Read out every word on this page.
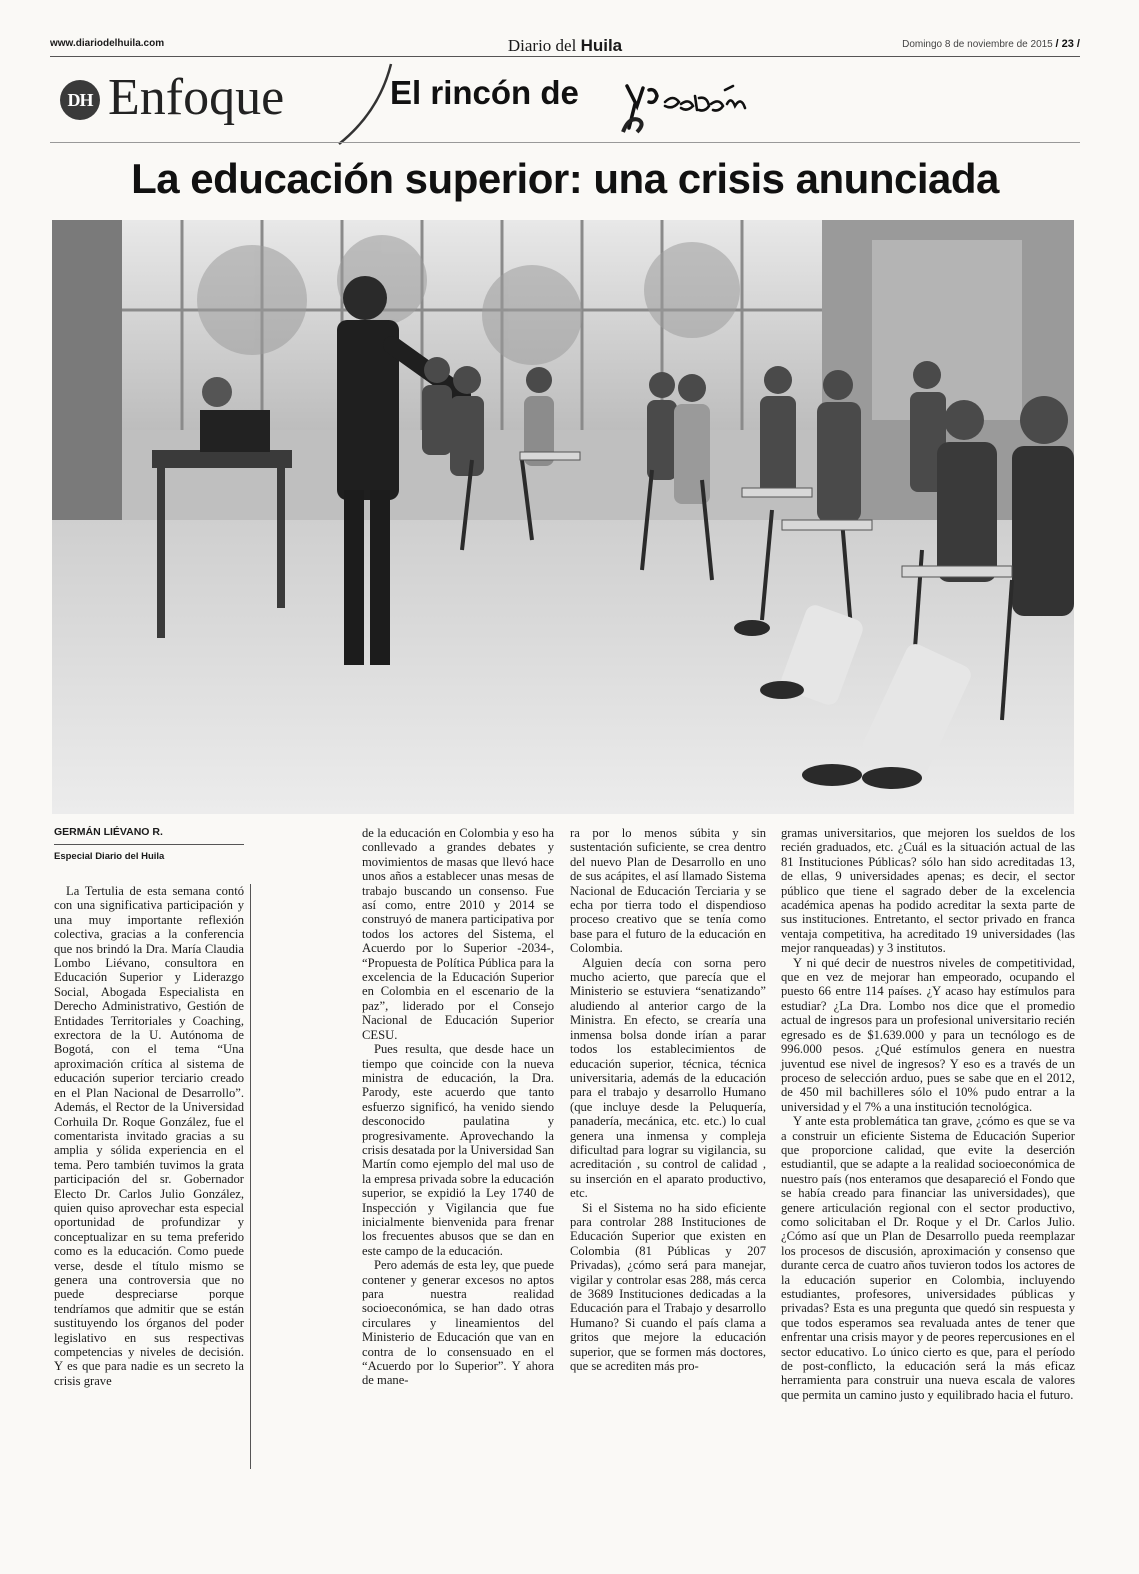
www.diariodelhuila.com	Diario del Huila	Domingo 8 de noviembre de 2015 / 23 /
DH Enfoque	El rincón de
La educación superior: una crisis anunciada
GERMÁN LIÉVANO R.
Especial Diario del Huila

La Tertulia de esta semana contó con una significativa participación y una muy importante reflexión colectiva, gracias a la conferencia que nos brindó la Dra. María Claudia Lombo Liévano, consultora en Educación Superior y Liderazgo Social, Abogada Especialista en Derecho Administrativo, Gestión de Entidades Territoriales y Coaching, exrectora de la U. Autónoma de Bogotá, con el tema “Una aproximación crítica al sistema de educación superior terciario creado en el Plan Nacional de Desarrollo”. Además, el Rector de la Universidad Corhuila Dr. Roque González, fue el comentarista invitado gracias a su amplia y sólida experiencia en el tema. Pero también tuvimos la grata participación del sr. Gobernador Electo Dr. Carlos Julio González, quien quiso aprovechar esta especial oportunidad de profundizar y conceptualizar en su tema preferido como es la educación. Como puede verse, desde el título mismo se genera una controversia que no puede despreciarse porque tendríamos que admitir que se están sustituyendo los órganos del poder legislativo en sus respectivas competencias y niveles de decisión. Y es que para nadie es un secreto la crisis grave

de la educación en Colombia y eso ha conllevado a grandes debates y movimientos de masas que llevó hace unos años a establecer unas mesas de trabajo buscando un consenso. Fue así como, entre 2010 y 2014 se construyó de manera participativa por todos los actores del Sistema, el Acuerdo por lo Superior -2034-, “Propuesta de Política Pública para la excelencia de la Educación Superior en Colombia en el escenario de la paz”, liderado por el Consejo Nacional de Educación Superior CESU.

Pues resulta, que desde hace un tiempo que coincide con la nueva ministra de educación, la Dra. Parody, este acuerdo que tanto esfuerzo significó, ha venido siendo desconocido paulatina y progresivamente. Aprovechando la crisis desatada por la Universidad San Martín como ejemplo del mal uso de la empresa privada sobre la educación superior, se expidió la Ley 1740 de Inspección y Vigilancia que fue inicialmente bienvenida para frenar los frecuentes abusos que se dan en este campo de la educación.

Pero además de esta ley, que puede contener y generar excesos no aptos para nuestra realidad socioeconómica, se han dado otras circulares y lineamientos del Ministerio de Educación que van en contra de lo consensuado en el “Acuerdo por lo Superior”. Y ahora de mane-

ra por lo menos súbita y sin sustentación suficiente, se crea dentro del nuevo Plan de Desarrollo en uno de sus acápites, el así llamado Sistema Nacional de Educación Terciaria y se echa por tierra todo el dispendioso proceso creativo que se tenía como base para el futuro de la educación en Colombia.

Alguien decía con sorna pero mucho acierto, que parecía que el Ministerio se estuviera “senatizando” aludiendo al anterior cargo de la Ministra. En efecto, se crearía una inmensa bolsa donde irían a parar todos los establecimientos de educación superior, técnica, técnica universitaria, además de la educación para el trabajo y desarrollo Humano (que incluye desde la Peluquería, panadería, mecánica, etc. etc.) lo cual genera una inmensa y compleja dificultad para lograr su vigilancia, su acreditación , su control de calidad , su inserción en el aparato productivo, etc.

Si el Sistema no ha sido eficiente para controlar 288 Instituciones de Educación Superior que existen en Colombia (81 Públicas y 207 Privadas), ¿cómo será para manejar, vigilar y controlar esas 288, más cerca de 3689 Instituciones dedicadas a la Educación para el Trabajo y desarrollo Humano? Si cuando el país clama a gritos que mejore la educación superior, que se formen más doctores, que se acrediten más pro-

gramas universitarios, que mejoren los sueldos de los recién graduados, etc. ¿Cuál es la situación actual de las 81 Instituciones Públicas? sólo han sido acreditadas 13, de ellas, 9 universidades apenas; es decir, el sector público que tiene el sagrado deber de la excelencia académica apenas ha podido acreditar la sexta parte de sus instituciones. Entretanto, el sector privado en franca ventaja competitiva, ha acreditado 19 universidades (las mejor ranqueadas) y 3 institutos.

Y ni qué decir de nuestros niveles de competitividad, que en vez de mejorar han empeorado, ocupando el puesto 66 entre 114 países. ¿Y acaso hay estímulos para estudiar? ¿La Dra. Lombo nos dice que el promedio actual de ingresos para un profesional universitario recién egresado es de $1.639.000 y para un tecnólogo es de 996.000 pesos. ¿Qué estímulos genera en nuestra juventud ese nivel de ingresos? Y eso es a través de un proceso de selección arduo, pues se sabe que en el 2012, de 450 mil bachilleres sólo el 10% pudo entrar a la universidad y el 7% a una institución tecnológica.

Y ante esta problemática tan grave, ¿cómo es que se va a construir un eficiente Sistema de Educación Superior que proporcione calidad, que evite la deserción estudiantil, que se adapte a la realidad socioeconómica de nuestro país (nos enteramos que desapareció el Fondo que se había creado para financiar las universidades), que genere articulación regional con el sector productivo, como solicitaban el Dr. Roque y el Dr. Carlos Julio. ¿Cómo así que un Plan de Desarrollo pueda reemplazar los procesos de discusión, aproximación y consenso que durante cerca de cuatro años tuvieron todos los actores de la educación superior en Colombia, incluyendo estudiantes, profesores, universidades públicas y privadas? Esta es una pregunta que quedó sin respuesta y que todos esperamos sea revaluada antes de tener que enfrentar una crisis mayor y de peores repercusiones en el sector educativo. Lo único cierto es que, para el período de post-conflicto, la educación será la más eficaz herramienta para construir una nueva escala de valores que permita un camino justo y equilibrado hacia el futuro.
